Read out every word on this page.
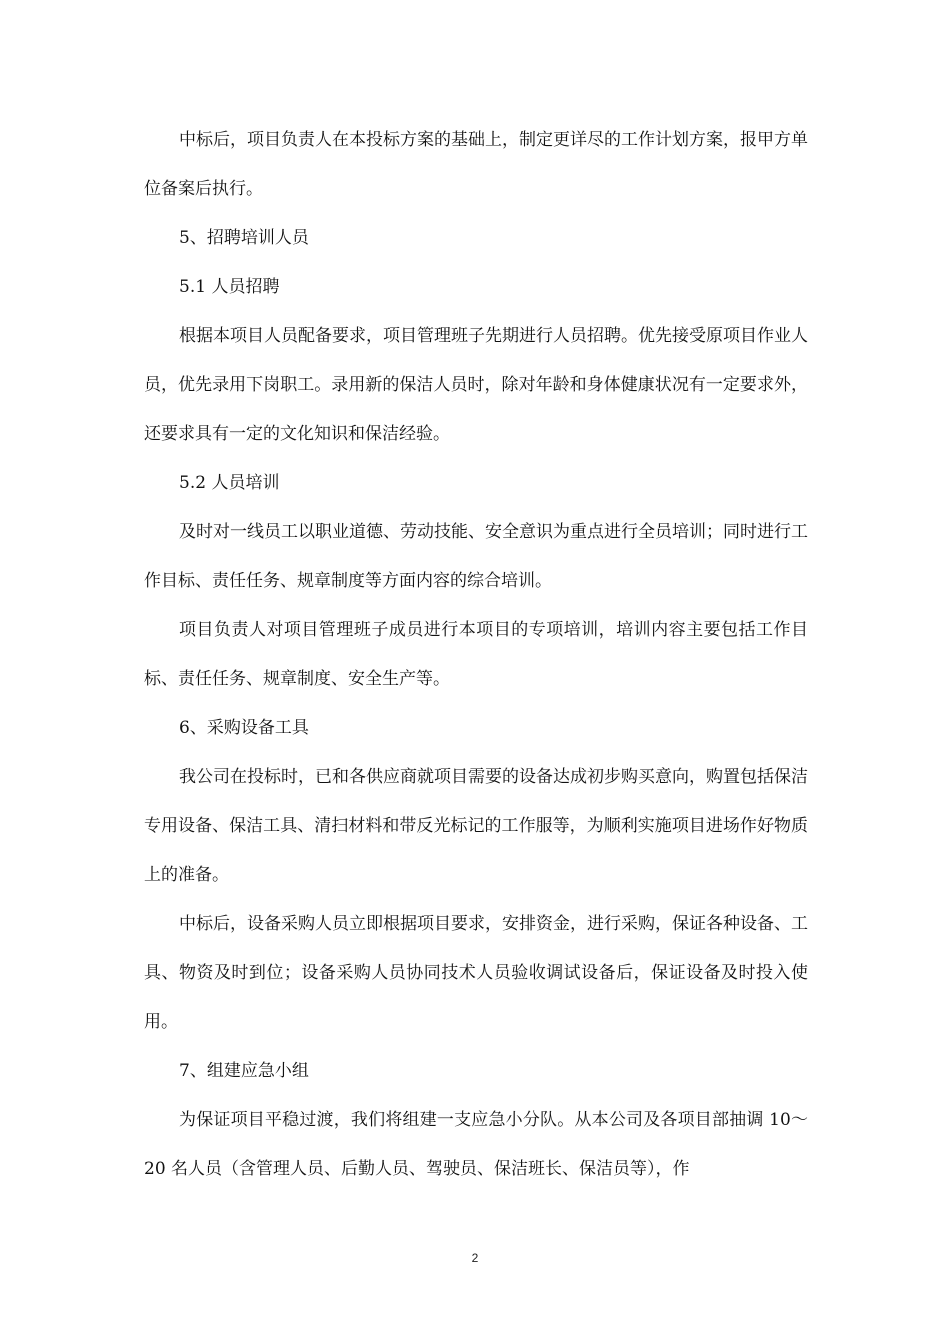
中标后，项目负责人在本投标方案的基础上，制定更详尽的工作计划方案，报甲方单位备案后执行。

5、招聘培训人员

5.1 人员招聘

根据本项目人员配备要求，项目管理班子先期进行人员招聘。优先接受原项目作业人员，优先录用下岗职工。录用新的保洁人员时，除对年龄和身体健康状况有一定要求外，还要求具有一定的文化知识和保洁经验。

5.2 人员培训

及时对一线员工以职业道德、劳动技能、安全意识为重点进行全员培训；同时进行工作目标、责任任务、规章制度等方面内容的综合培训。

项目负责人对项目管理班子成员进行本项目的专项培训，培训内容主要包括工作目标、责任任务、规章制度、安全生产等。

6、采购设备工具

我公司在投标时，已和各供应商就项目需要的设备达成初步购买意向，购置包括保洁专用设备、保洁工具、清扫材料和带反光标记的工作服等，为顺利实施项目进场作好物质上的准备。

中标后，设备采购人员立即根据项目要求，安排资金，进行采购，保证各种设备、工具、物资及时到位；设备采购人员协同技术人员验收调试设备后，保证设备及时投入使用。

7、组建应急小组

为保证项目平稳过渡，我们将组建一支应急小分队。从本公司及各项目部抽调 10～20 名人员（含管理人员、后勤人员、驾驶员、保洁班长、保洁员等），作

2
